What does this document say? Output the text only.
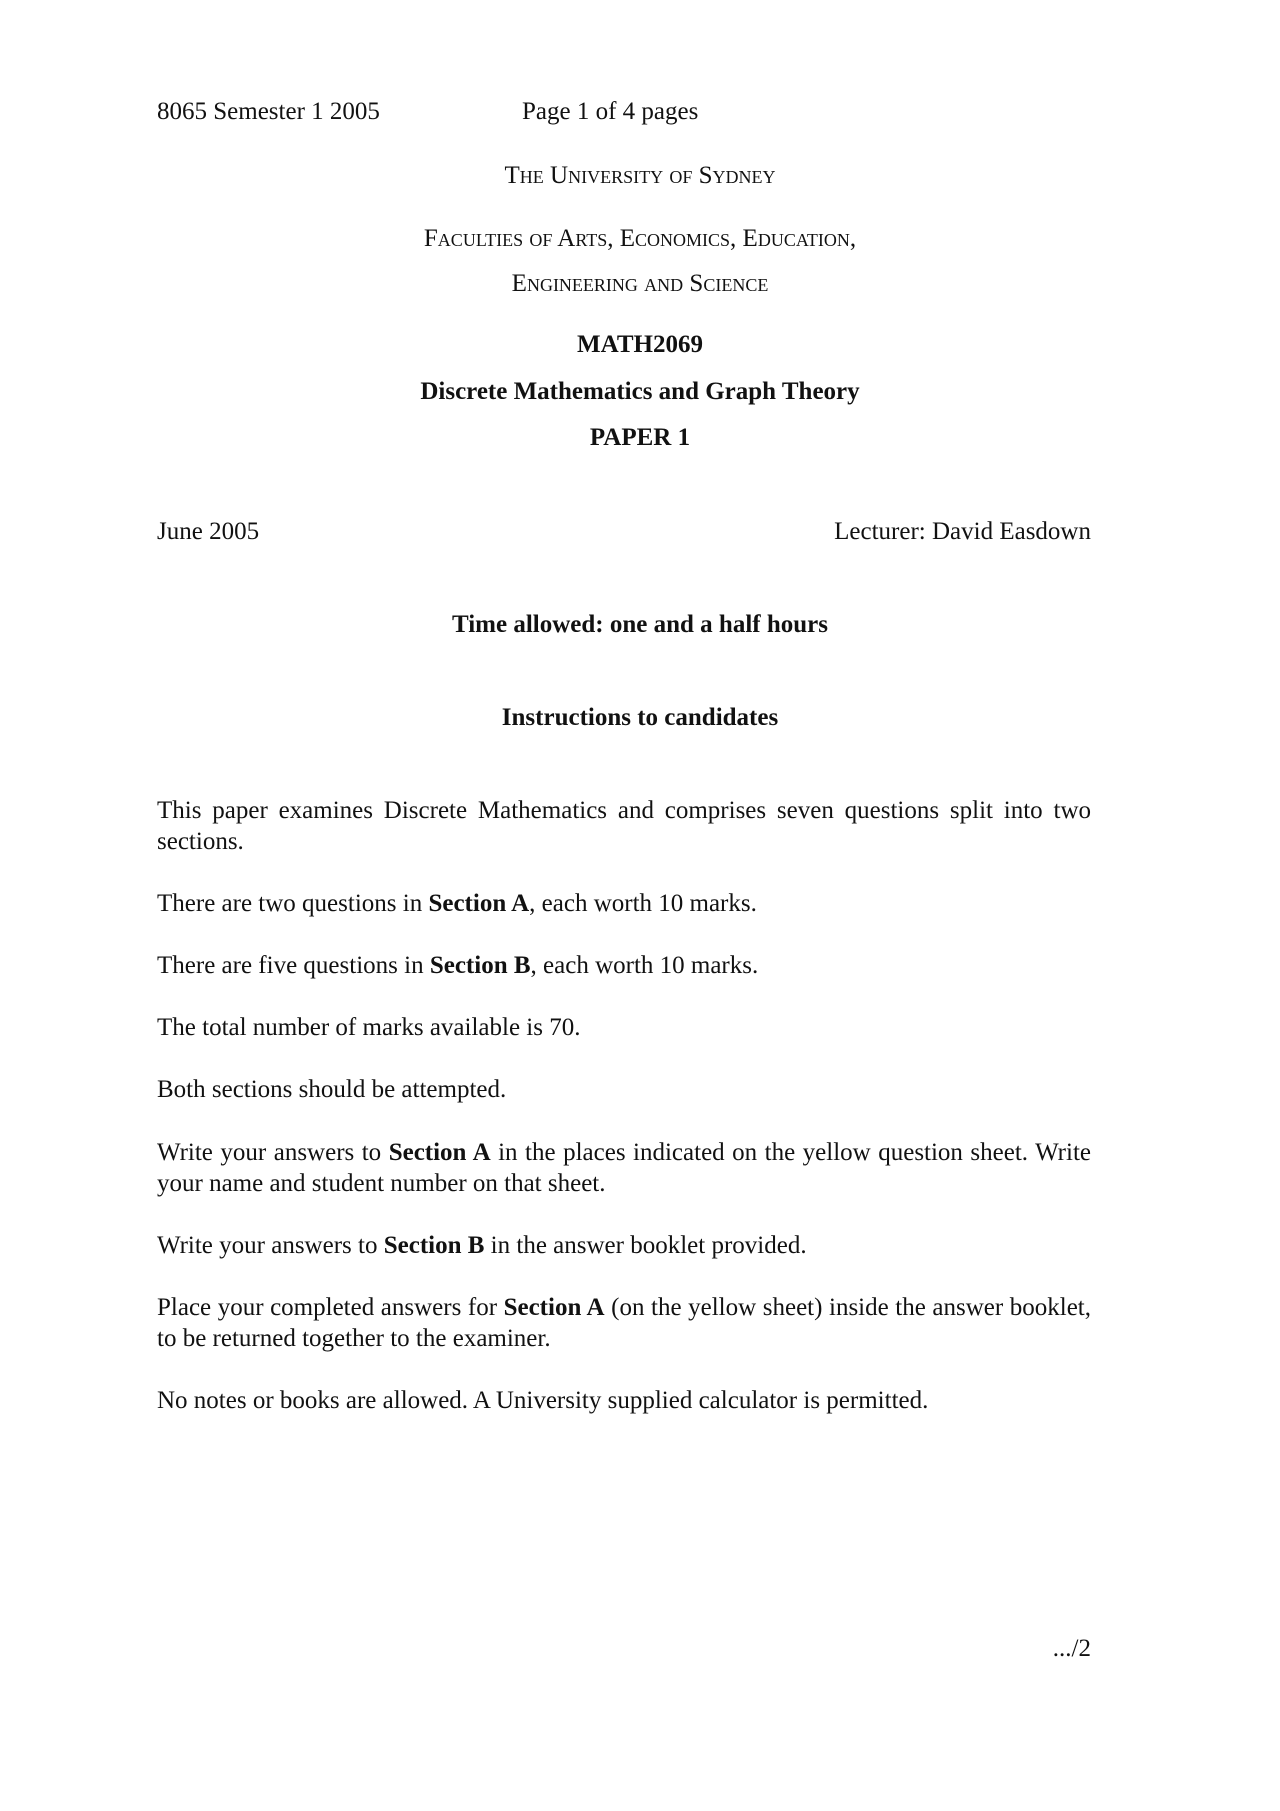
8065 Semester 1 2005	Page 1 of 4 pages
The University of Sydney
Faculties of Arts, Economics, Education,
Engineering and Science
MATH2069
Discrete Mathematics and Graph Theory
PAPER 1
June 2005	Lecturer: David Easdown
Time allowed: one and a half hours
Instructions to candidates
This paper examines Discrete Mathematics and comprises seven questions split into two sections.
There are two questions in Section A, each worth 10 marks.
There are five questions in Section B, each worth 10 marks.
The total number of marks available is 70.
Both sections should be attempted.
Write your answers to Section A in the places indicated on the yellow question sheet. Write your name and student number on that sheet.
Write your answers to Section B in the answer booklet provided.
Place your completed answers for Section A (on the yellow sheet) inside the answer booklet, to be returned together to the examiner.
No notes or books are allowed. A University supplied calculator is permitted.
.../2
